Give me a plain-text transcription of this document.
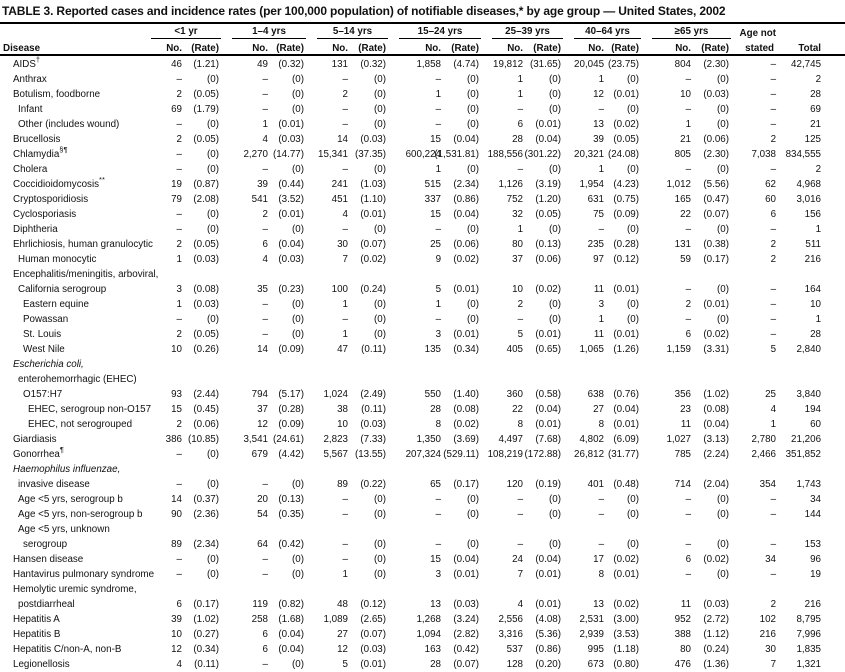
TABLE 3. Reported cases and incidence rates (per 100,000 population) of notifiable diseases,* by age group — United States, 2002

	<1 yr		1–4 yrs		5–14 yrs		15–24 yrs		25–39 yrs		40–64 yrs		≥65 yrs		Age not	
Disease	No.	(Rate)	No.	(Rate)	No.	(Rate)	No.	(Rate)	No.	(Rate)	No.	(Rate)	No.	(Rate)	stated	Total
AIDS†	46	(1.21)	49	(0.32)	131	(0.32)	1,858	(4.74)	19,812	(31.65)	20,045	(23.75)	804	(2.30)	–	42,745

Anthrax	–	(0)	–	(0)	–	(0)	–	(0)	1	(0)	1	(0)	–	(0)	–	2

Botulism, foodborne	2	(0.05)	–	(0)	2	(0)	1	(0)	1	(0)	12	(0.01)	10	(0.03)	–	28

Infant	69	(1.79)	–	(0)	–	(0)	–	(0)	–	(0)	–	(0)	–	(0)	–	69

Other (includes wound)	–	(0)	1	(0.01)	–	(0)	–	(0)	6	(0.01)	13	(0.02)	1	(0)	–	21

Brucellosis	2	(0.05)	4	(0.03)	14	(0.03)	15	(0.04)	28	(0.04)	39	(0.05)	21	(0.06)	2	125

Chlamydia§¶	–	(0)	2,270	(14.77)	15,341	(37.35)	600,224	(1,531.81)	188,556	(301.22)	20,321	(24.08)	805	(2.30)	7,038	834,555

Cholera	–	(0)	–	(0)	–	(0)	1	(0)	–	(0)	1	(0)	–	(0)	–	2

Coccidioidomycosis**	19	(0.87)	39	(0.44)	241	(1.03)	515	(2.34)	1,126	(3.19)	1,954	(4.23)	1,012	(5.56)	62	4,968

Cryptosporidiosis	79	(2.08)	541	(3.52)	451	(1.10)	337	(0.86)	752	(1.20)	631	(0.75)	165	(0.47)	60	3,016

Cyclosporiasis	–	(0)	2	(0.01)	4	(0.01)	15	(0.04)	32	(0.05)	75	(0.09)	22	(0.07)	6	156

Diphtheria	–	(0)	–	(0)	–	(0)	–	(0)	1	(0)	–	(0)	–	(0)	–	1

Ehrlichiosis, human granulocytic	2	(0.05)	6	(0.04)	30	(0.07)	25	(0.06)	80	(0.13)	235	(0.28)	131	(0.38)	2	511

Human monocytic	1	(0.03)	4	(0.03)	7	(0.02)	9	(0.02)	37	(0.06)	97	(0.12)	59	(0.17)	2	216

Encephalitis/meningitis, arboviral,																
California serogroup	3	(0.08)	35	(0.23)	100	(0.24)	5	(0.01)	10	(0.02)	11	(0.01)	–	(0)	–	164

Eastern equine	1	(0.03)	–	(0)	1	(0)	1	(0)	2	(0)	3	(0)	2	(0.01)	–	10

Powassan	–	(0)	–	(0)	–	(0)	–	(0)	–	(0)	1	(0)	–	(0)	–	1

St. Louis	2	(0.05)	–	(0)	1	(0)	3	(0.01)	5	(0.01)	11	(0.01)	6	(0.02)	–	28

West Nile	10	(0.26)	14	(0.09)	47	(0.11)	135	(0.34)	405	(0.65)	1,065	(1.26)	1,159	(3.31)	5	2,840

Escherichia coli,																
enterohemorrhagic (EHEC)																
O157:H7	93	(2.44)	794	(5.17)	1,024	(2.49)	550	(1.40)	360	(0.58)	638	(0.76)	356	(1.02)	25	3,840

EHEC, serogroup non-O157	15	(0.45)	37	(0.28)	38	(0.11)	28	(0.08)	22	(0.04)	27	(0.04)	23	(0.08)	4	194

EHEC, not serogrouped	2	(0.06)	12	(0.09)	10	(0.03)	8	(0.02)	8	(0.01)	8	(0.01)	11	(0.04)	1	60

Giardiasis	386	(10.85)	3,541	(24.61)	2,823	(7.33)	1,350	(3.69)	4,497	(7.68)	4,802	(6.09)	1,027	(3.13)	2,780	21,206

Gonorrhea¶	–	(0)	679	(4.42)	5,567	(13.55)	207,324	(529.11)	108,219	(172.88)	26,812	(31.77)	785	(2.24)	2,466	351,852

Haemophilus influenzae,																
invasive disease	–	(0)	–	(0)	89	(0.22)	65	(0.17)	120	(0.19)	401	(0.48)	714	(2.04)	354	1,743

Age <5 yrs, serogroup b	14	(0.37)	20	(0.13)	–	(0)	–	(0)	–	(0)	–	(0)	–	(0)	–	34

Age <5 yrs, non-serogroup b	90	(2.36)	54	(0.35)	–	(0)	–	(0)	–	(0)	–	(0)	–	(0)	–	144

Age <5 yrs, unknown																
serogroup	89	(2.34)	64	(0.42)	–	(0)	–	(0)	–	(0)	–	(0)	–	(0)	–	153

Hansen disease	–	(0)	–	(0)	–	(0)	15	(0.04)	24	(0.04)	17	(0.02)	6	(0.02)	34	96

Hantavirus pulmonary syndrome	–	(0)	–	(0)	1	(0)	3	(0.01)	7	(0.01)	8	(0.01)	–	(0)	–	19

Hemolytic uremic syndrome,																
postdiarrheal	6	(0.17)	119	(0.82)	48	(0.12)	13	(0.03)	4	(0.01)	13	(0.02)	11	(0.03)	2	216

Hepatitis A	39	(1.02)	258	(1.68)	1,089	(2.65)	1,268	(3.24)	2,556	(4.08)	2,531	(3.00)	952	(2.72)	102	8,795

Hepatitis B	10	(0.27)	6	(0.04)	27	(0.07)	1,094	(2.82)	3,316	(5.36)	2,939	(3.53)	388	(1.12)	216	7,996

Hepatitis C/non-A, non-B	12	(0.34)	6	(0.04)	12	(0.03)	163	(0.42)	537	(0.86)	995	(1.18)	80	(0.24)	30	1,835

Legionellosis	4	(0.11)	–	(0)	5	(0.01)	28	(0.07)	128	(0.20)	673	(0.80)	476	(1.36)	7	1,321
